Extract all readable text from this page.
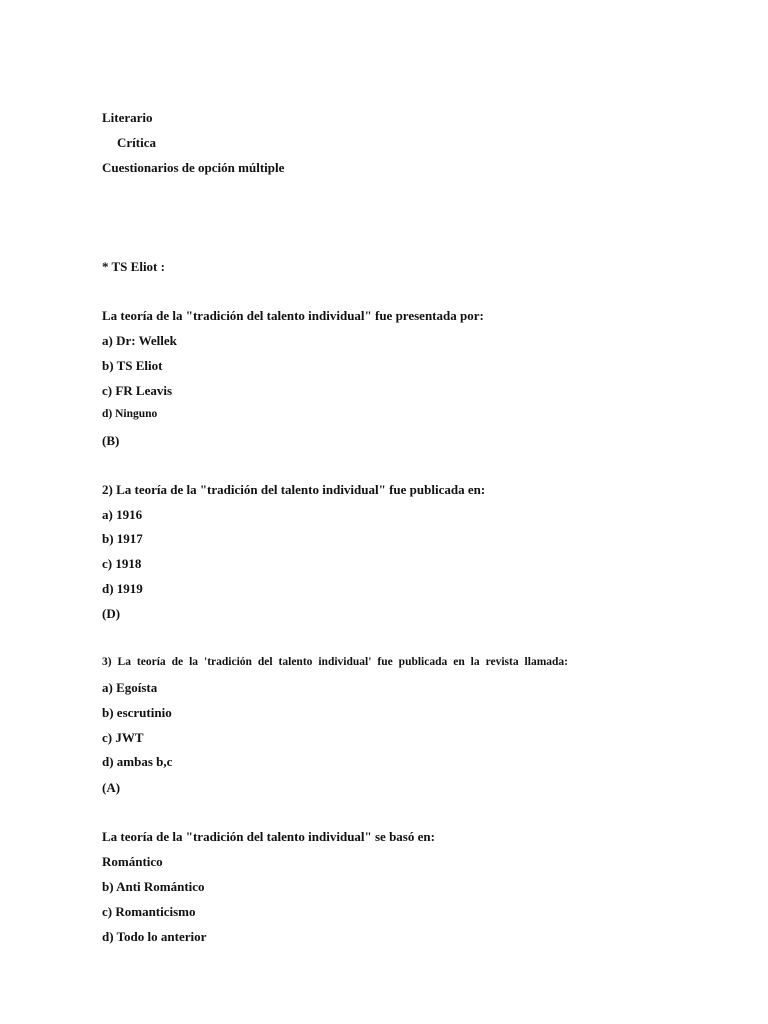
Literario
Crítica
Cuestionarios de opción múltiple
* TS Eliot :
La teoría de la "tradición del talento individual" fue presentada por:
a) Dr: Wellek
b) TS Eliot
c) FR Leavis
d) Ninguno
(B)
2) La teoría de la "tradición del talento individual" fue publicada en:
a) 1916
b) 1917
c) 1918
d) 1919
(D)
3) La teoría de la 'tradición del talento individual' fue publicada en la revista llamada:
a) Egoísta
b) escrutinio
c) JWT
d) ambas b,c
(A)
La teoría de la "tradición del talento individual" se basó en:
Romántico
b) Anti Romántico
c) Romanticismo
d) Todo lo anterior
